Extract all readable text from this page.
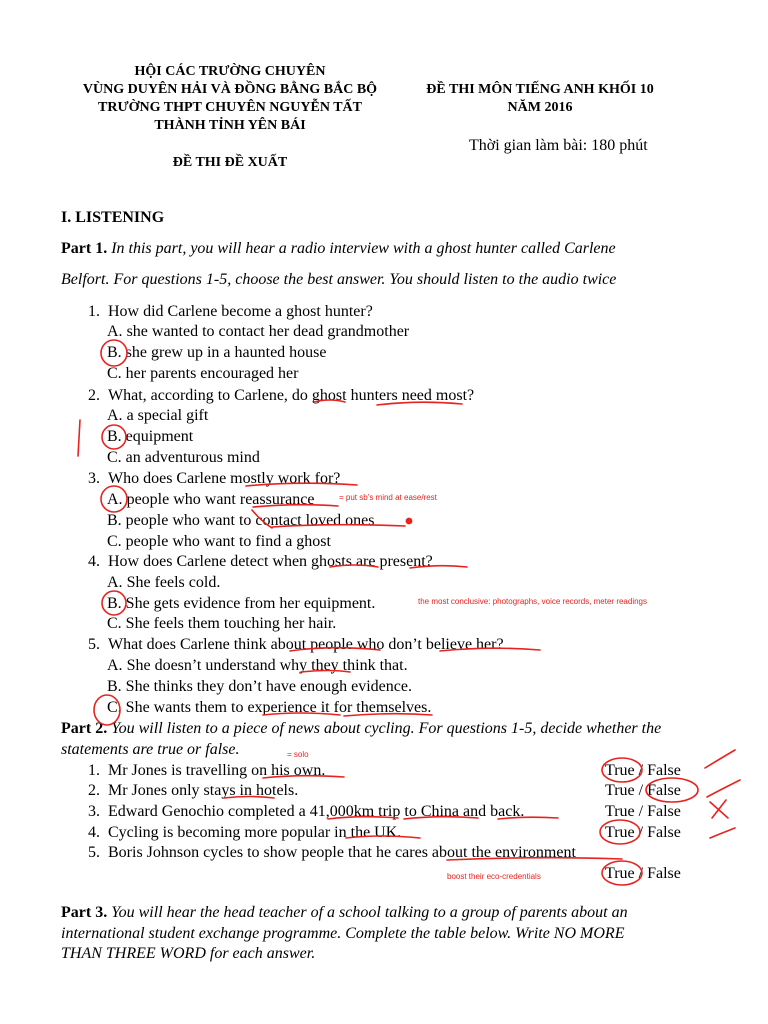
HỘI CÁC TRƯỜNG CHUYÊN
VÙNG DUYÊN HẢI VÀ ĐỒNG BẰNG BẮC BỘ
TRƯỜNG THPT CHUYÊN NGUYỄN TẤT
THÀNH TỈNH YÊN BÁI
ĐỀ THI ĐỀ XUẤT
ĐỀ THI MÔN TIẾNG ANH KHỐI 10
NĂM 2016
Thời gian làm bài: 180 phút
I. LISTENING
Part 1. In this part, you will hear a radio interview with a ghost hunter called Carlene
Belfort. For questions 1-5, choose the best answer. You should listen to the audio twice
1. How did Carlene become a ghost hunter?
A. she wanted to contact her dead grandmother
B. she grew up in a haunted house
C. her parents encouraged her
2. What, according to Carlene, do ghost hunters need most?
A. a special gift
B. equipment
C. an adventurous mind
3. Who does Carlene mostly work for?
A. people who want reassurance
B. people who want to contact loved ones
C. people who want to find a ghost
4. How does Carlene detect when ghosts are present?
A. She feels cold.
B. She gets evidence from her equipment.
C. She feels them touching her hair.
5. What does Carlene think about people who don’t believe her?
A. She doesn’t understand why they think that.
B. She thinks they don’t have enough evidence.
C. She wants them to experience it for themselves.
Part 2. You will listen to a piece of news about cycling. For questions 1-5, decide whether the
statements are true or false.
1. Mr Jones is travelling on his own.	True / False
2. Mr Jones only stays in hotels.	True / False
3. Edward Genochio completed a 41,000km trip to China and back.	True / False
4. Cycling is becoming more popular in the UK.	True / False
5. Boris Johnson cycles to show people that he cares about the environment
True / False
Part 3. You will hear the head teacher of a school talking to a group of parents about an
international student exchange programme. Complete the table below. Write NO MORE
THAN THREE WORD for each answer.
= put sb’s mind at ease/rest
the most conclusive: photographs, voice records, meter readings
= solo
boost their eco-credentials
